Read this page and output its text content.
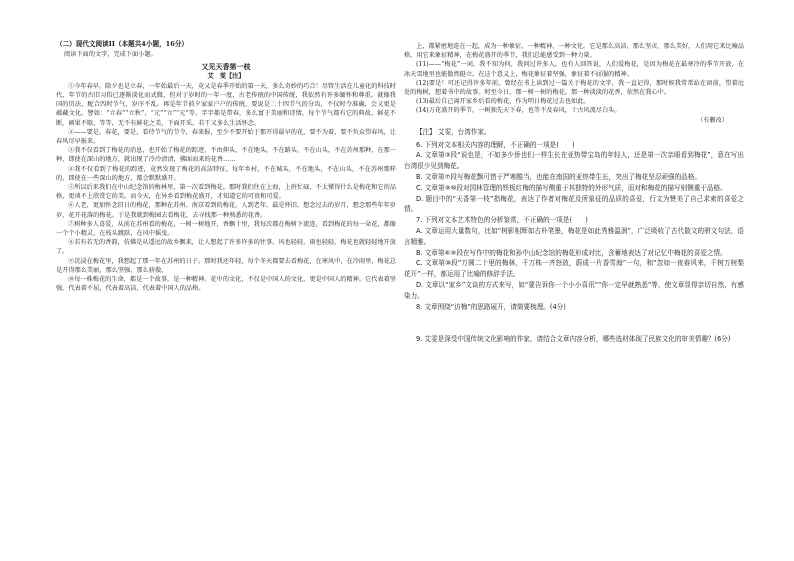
（二）现代文阅读II（本题共4小题，16分）

阅读下面的文字，完成下面小题。

又见天香第一枝

艾　雯【注】

①今年春早，除夕也是立春，一年始最后一天，竟又是春季开始的第一天，多么奇妙的巧合！尽管生活在儿童化的科技时代，年节的古旧习俗已逐渐淡化而式微，但对于岁时的一年一度，古老传统的中国传统，我依然有许多缅怀和尊重。就像我国的历法，配合四时节气，岁序不乱。再是年节前夕家家户户的传统，要说是二十四节气的分齿，不仅时令准确，会又更是蕴藏文化。譬如：“立春”“立秋”，“元”“立”“元”等，字字都是带春，多么富于美丽和诗情，每个节气都有它的典故，鲜花不断，硕果不歇，等等，无不有鲜花之美，下面开采，若干又多么生活怀念。

②——要是，春花，要是，看待节气的节令，春来报，至少不要开始于那开得最早的花，要不为着，要不负众望春风，让春风尽早报来。

③我不仅看到了梅花的消息，也开始了梅花的踪迹，不由伸头，不在地头，不在路头，不在山头，不在苏州那种，在那一种，即使在深山的地方，就出现了冷冷清清，拂面而来的花香……

④我不仅看到了梅花的踪迹，竟然发现了梅花的高洁特征。每年乡村，不在城头，不在地头，不在山头，不在苏州那样的，即使在一些深山的地方，都会默默盛开。

⑤所以后来我们在中山纪念馆的梅林里，第一次看到梅花。那时我们住在上海，上班忙碌，不太懂得什么是梅花和它的品格，更谈不上欣赏它的美。而今天，在异乡看到梅花盛开，才知道它的可贵和可爱。

⑥人老，更加怀念旧日的梅花，那种在苏州、南京看到的梅花。人到老年，最是怀旧，想念过去的岁月，想念那些年年岁岁，花开花落的梅花。于是我就到梅园去看梅花，去寻找那一种熟悉的花香。

⑦树种多人喜爱，从前在苏州看的梅花，一树一树地开，香飘十里，我每次都在梅树下流连，看到梅花的每一朵花，都像一个个小精灵，在枝头跳跃，在风中摇曳。

⑧若有若无的香韵，仿佛是从遥远的故乡飘来，让人想起了许多许多的往事。风也轻轻，雨也轻轻，梅花也就轻轻地开放了。

⑨沉浸在梅花里，我想起了那一年在苏州的日子。那时我还年轻，每个冬天都要去看梅花，在寒风中，在冷雨里，梅花总是开得那么美丽，那么坚强，那么骄傲。

⑩每一株梅花的生命，都是一个故事，是一种精神。花中的文化，不仅是中国人的文化，更是中国人的精神。它代表着坚强，代表着不屈，代表着高洁，代表着中国人的品格。

上，都紧密地连在一起，成为一种象征，一种精神，一种文化。它是那么高洁、那么坚贞、那么美好，人们用它来比喻品格，用它来象征精神，在梅花盛开的季节，我们总能感受到一种力量。

(11)——“梅花”一词，我不知为何，我问过许多人，也有人回答说，人们爱梅花，是因为梅花在最寒冷的季节开放，在冰天雪地里也能傲然挺立。在这个意义上，梅花象征着坚强，象征着不屈服的精神。

(12)要是！可还记得许多年前，曾经在书上读到过一篇关于梅花的文字，我一直记得，那时候我常常站在窗前，望着远处的梅树，想着书中的故事。时至今日，那一树一树的梅花，那一种淡淡的花香，依然在我心中。

(13)最后自己离开家乡后看的梅花，作为明日梅花过去也如此。

(14)万花盛开的季节，一树独先天下春，也等不及春风，十古风流尽白头。

（有删改）

【注】 艾雯，台湾作家。

6. 下列对文本相关内容的理解，不正确的一项是(　　)

A. 文章第③段“说也是，不如多少侨也们一样生长在亚热带宝岛的年轻人，还是第一次亲眼看到梅花”，意在写出台湾很少见到梅花。

B. 文章第⑦段写梅花飘可惜于严寒酷当，也能在南国的亚热带生长，突出了梅花坚忍顽强的品格。

C. 文章第⑨⑩段对园林管理的铁板红梅的描写侧重于其独特的外形气质，而对和梅花的描写则侧重于品格。

D. 题目中的“天香第一枝”指梅花，表达了作者对梅花及所象征的品质的喜爱，行文为赞美了自己求索的喜爱之情。

7. 下列对文本艺术特色的分析鉴赏，不正确的一项是(　　)

A. 文章运用大量数句，比如“树影相辉如古朴笔墨，梅花是如此秀雅温润”，广泛吸收了古代散文的骈文句法，语言精雅。

B. 文章第⑥⑨段在写作中的梅花和孙中山纪念馆的梅花形成对比，含蓄地表达了对记忆中梅花的喜爱之情。

C. 文章第⑩段“万圆二十里的梅林，千万株一齐怒放，蔚成一片香雪海”一句，和“忽如一夜春风来，千树万树梨花开”一样，都运用了比喻的修辞手法。

D. 文章以“家乡”文谈的方式来写，如“要告诉你一个小小喜讯”“你一定早就熟悉”等，使文章显得亲切自然，有感染力。

8. 文章围绕“访梅”的思路展开，请简要梳理。(4分)

9. 艾雯是深受中国传统文化影响的作家，请结合文章内容分析，哪些选材体现了民族文化的审美情趣？(6分)
